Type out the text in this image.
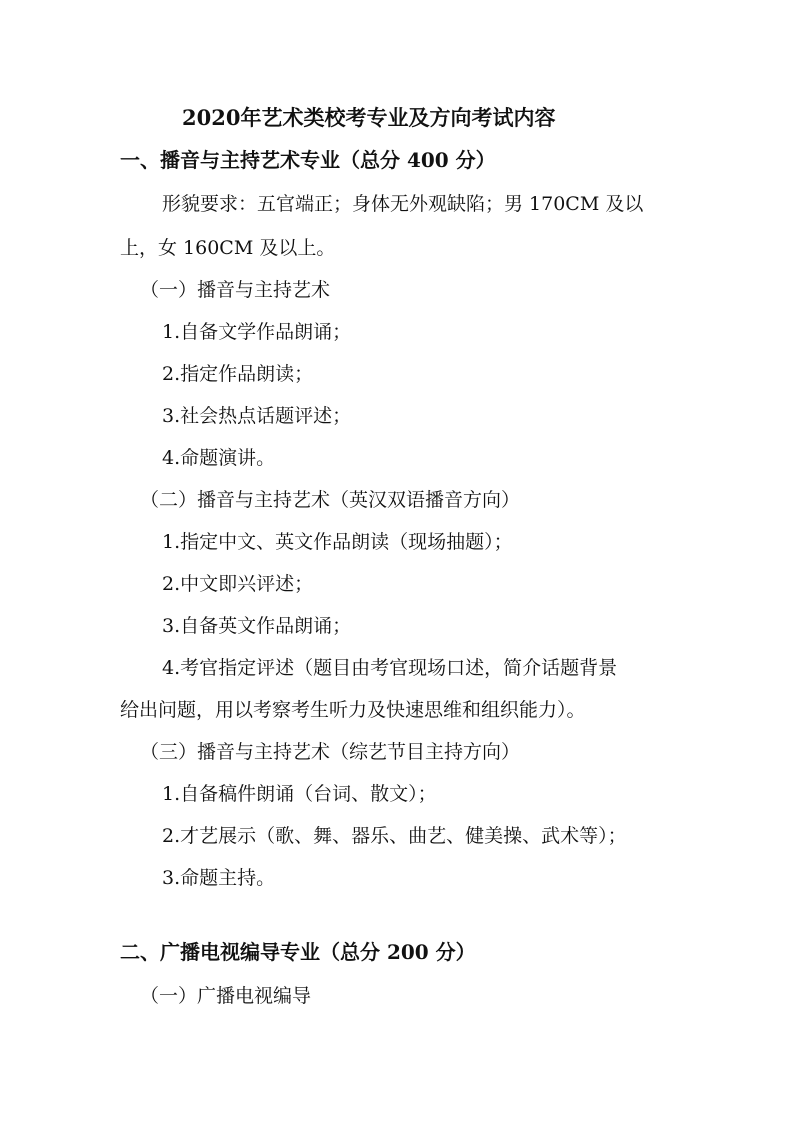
2020年艺术类校考专业及方向考试内容
一、播音与主持艺术专业（总分 400 分）
形貌要求：五官端正；身体无外观缺陷；男 170CM 及以
上，女 160CM 及以上。
（一）播音与主持艺术
1.自备文学作品朗诵；
2.指定作品朗读；
3.社会热点话题评述；
4.命题演讲。
（二）播音与主持艺术（英汉双语播音方向）
1.指定中文、英文作品朗读（现场抽题）；
2.中文即兴评述；
3.自备英文作品朗诵；
4.考官指定评述（题目由考官现场口述，简介话题背景
给出问题，用以考察考生听力及快速思维和组织能力）。
（三）播音与主持艺术（综艺节目主持方向）
1.自备稿件朗诵（台词、散文）；
2.才艺展示（歌、舞、器乐、曲艺、健美操、武术等）；
3.命题主持。
二、广播电视编导专业（总分 200 分）
（一）广播电视编导
